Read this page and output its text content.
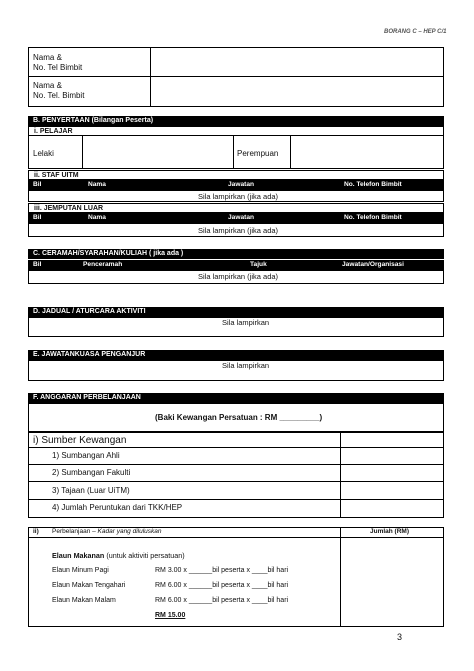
BORANG C – HEP C/1
Nama &
No. Tel Bimbit
Nama &
No. Tel. Bimbit
B. PENYERTAAN (Bilangan Peserta)
i. PELAJAR
Lelaki	Perempuan
ii. STAF UITM
Bil	Nama	Jawatan	No. Telefon Bimbit
Sila lampirkan (jika ada)
iii. JEMPUTAN LUAR
Bil	Nama	Jawatan	No. Telefon Bimbit
Sila lampirkan (jika ada)
C. CERAMAH/SYARAHAN/KULIAH ( jika ada )
Bil	Penceramah	Tajuk	Jawatan/Organisasi
Sila lampirkan (jika ada)
D. JADUAL / ATURCARA AKTIVITI
Sila lampirkan
E. JAWATANKUASA PENGANJUR
Sila lampirkan
F. ANGGARAN PERBELANJAAN
(Baki Kewangan Persatuan : RM _________)
i) Sumber Kewangan
1) Sumbangan Ahli
2) Sumbangan Fakulti
3) Tajaan (Luar UiTM)
4) Jumlah Peruntukan dari TKK/HEP
ii) Perbelanjaan – Kadar yang diluluskan	Jumlah (RM)
Elaun Makanan (untuk aktiviti persatuan)
Elaun Minum Pagi	RM 3.00 x ______bil peserta x ____bil hari
Elaun Makan Tengahari	RM 6.00 x ______bil peserta x ____bil hari
Elaun Makan Malam	RM 6.00 x ______bil peserta x ____bil hari
RM 15.00
3
